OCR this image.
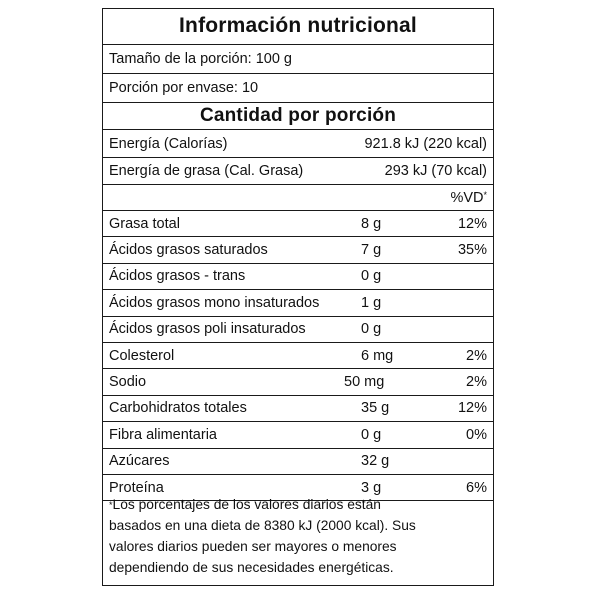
Información nutricional
Tamaño de la porción: 100 g
Porción por envase: 10
Cantidad por porción
Energía (Calorías)	921.8 kJ (220 kcal)
Energía de grasa (Cal. Grasa)	293 kJ (70 kcal)
%VD*
Grasa total	8 g	12%
Ácidos grasos saturados	7 g	35%
Ácidos grasos - trans	0 g
Ácidos grasos mono insaturados	1 g
Ácidos grasos poli insaturados	0 g
Colesterol	6 mg	2%
Sodio	50 mg	2%
Carbohidratos totales	35 g	12%
Fibra alimentaria	0 g	0%
Azúcares	32 g
Proteína	3 g	6%
*Los porcentajes de los valores diarios están
basados en una dieta de 8380 kJ (2000 kcal). Sus
valores diarios pueden ser mayores o menores
dependiendo de sus necesidades energéticas.
